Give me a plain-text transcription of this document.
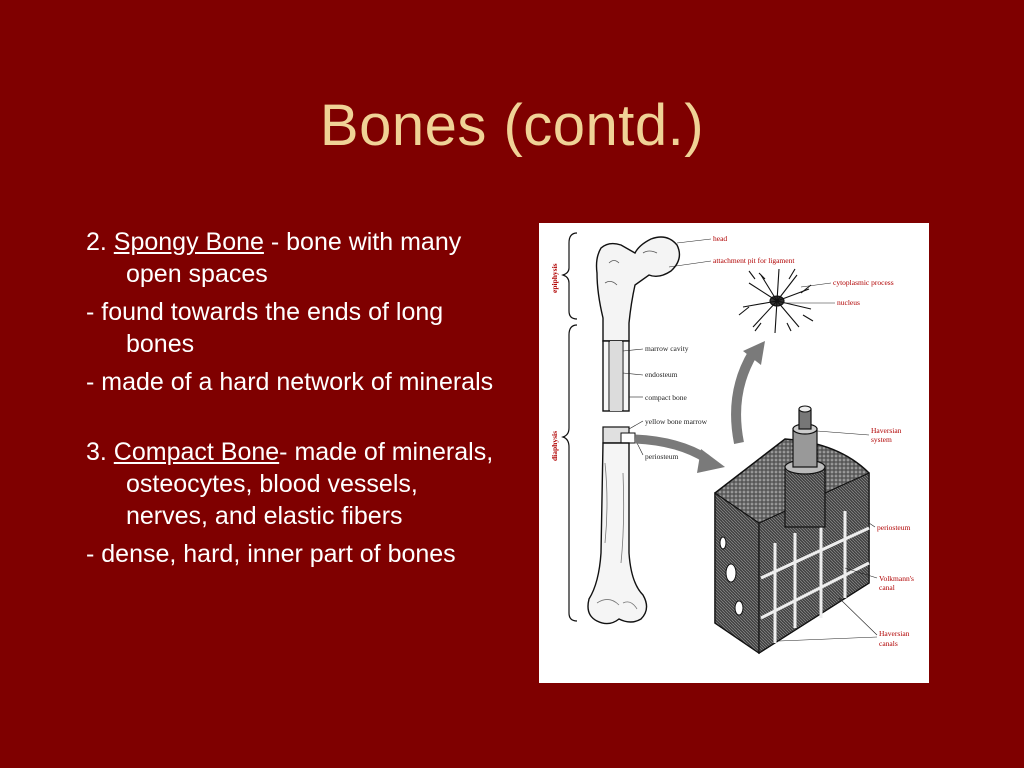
Bones (contd.)

2. Spongy Bone - bone with many open spaces

- found towards the ends of long bones

- made of a hard network of minerals

3. Compact Bone- made of minerals, osteocytes, blood vessels, nerves, and elastic fibers

- dense, hard, inner part of bones

epiphysis
diaphysis
head
attachment pit for ligament
marrow cavity
endosteum
compact bone
yellow bone marrow
periosteum
cytoplasmic process
nucleus
Haversian
system
periosteum
Volkmann's
canal
Haversian
canals
